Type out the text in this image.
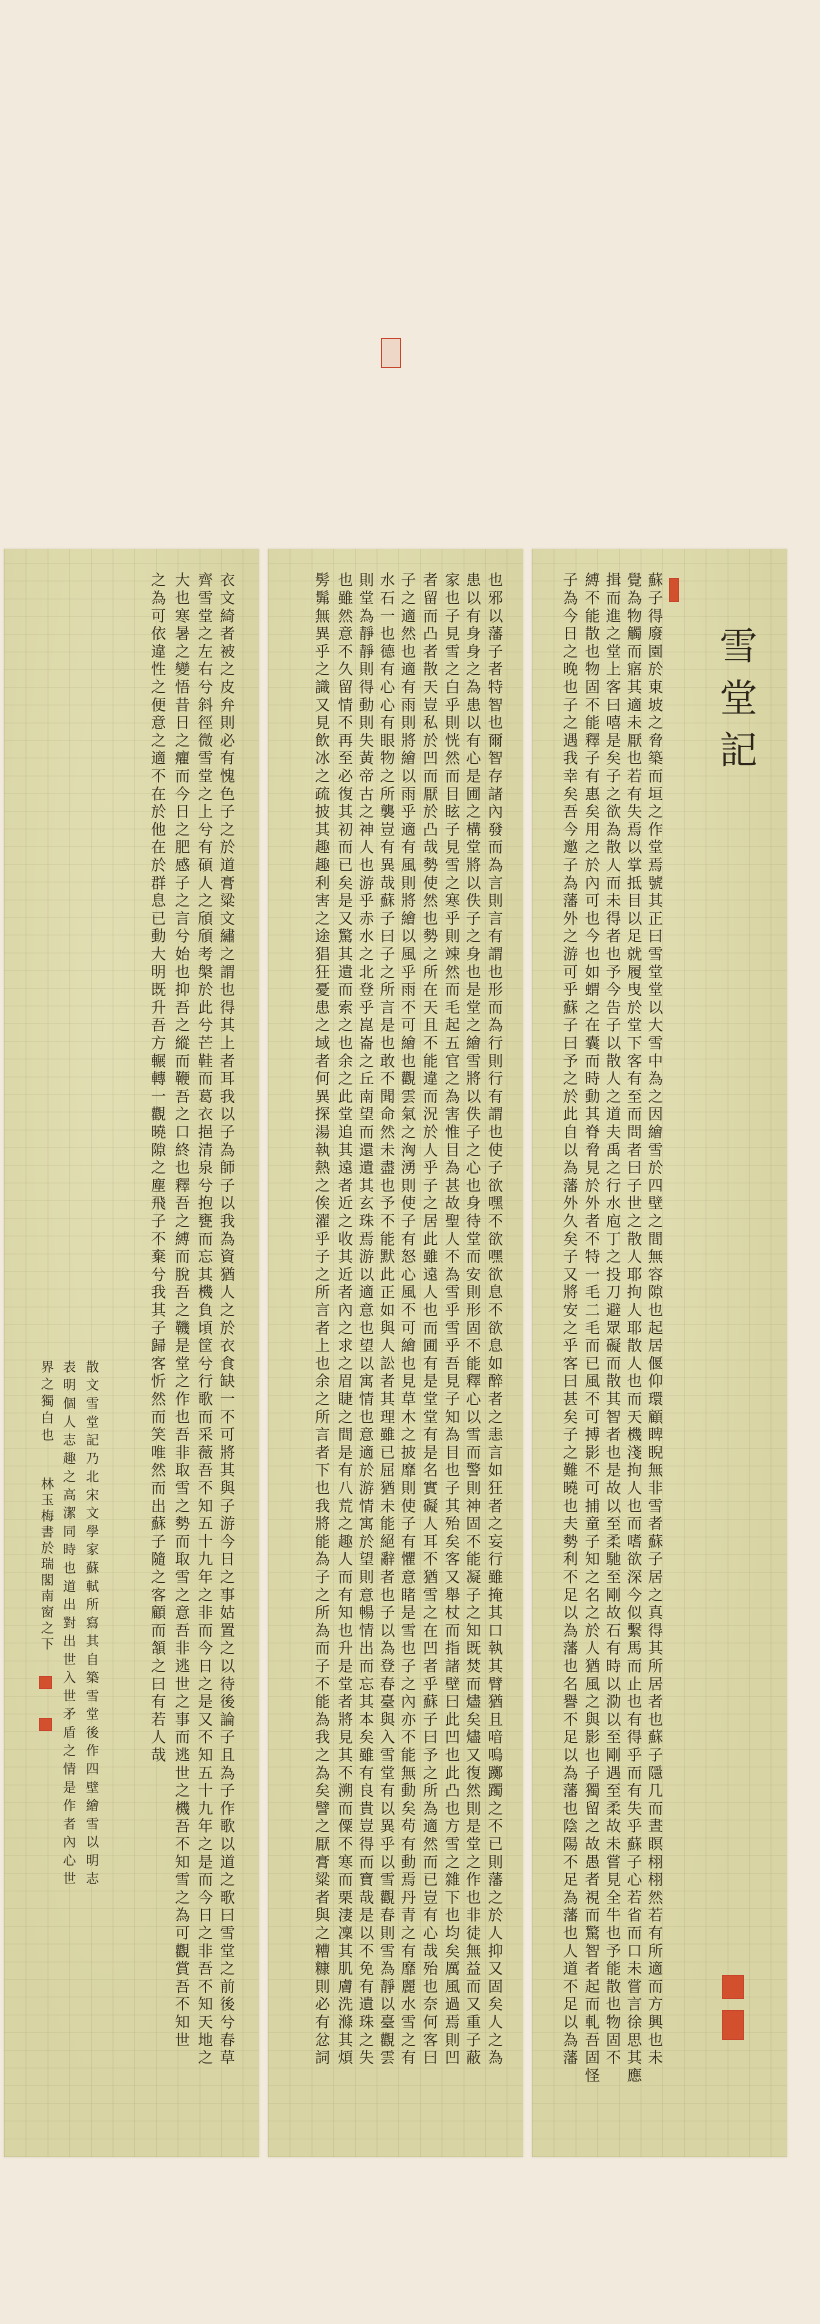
雪堂記
蘇子得廢園於東坡之脅築而垣之作堂焉號其正曰雪堂堂以大雪中為之因繪雪於四壁之間無容隙也起居偃仰環顧睥睨無非雪者蘇子居之真得其所居者也蘇子隱几而晝瞑栩栩然若有所適而方興也未
覺為物觸而寤其適未厭也若有失焉以掌抵目以足就履曳於堂下客有至而問者曰子世之散人耶拘人耶散人也而天機淺拘人也而嗜欲深今似繫馬而止也有得乎而有失乎蘇子心若省而口未嘗言徐思其應
揖而進之堂上客曰嘻是矣子之欲為散人而未得者也予今告子以散人之道夫禹之行水庖丁之投刀避眾礙而散其智者也是故以至柔馳至剛故石有時以泐以至剛遇至柔故未嘗見全牛也予能散也物固不
縛不能散也物固不能釋子有惠矣用之於內可也今也如蝟之在囊而時動其脊脅見於外者不特一毛二毛而已風不可搏影不可捕童子知之名之於人猶風之與影也子獨留之故愚者視而驚智者起而軋吾固怪
子為今日之晚也子之遇我幸矣吾今邀子為藩外之游可乎蘇子曰予之於此自以為藩外久矣子又將安之乎客曰甚矣子之難曉也夫勢利不足以為藩也名譽不足以為藩也陰陽不足為藩也人道不足以為藩
也邪以藩子者特智也爾智存諸內發而為言則言有謂也形而為行則行有謂也使子欲嘿不欲嘿欲息不欲息如醉者之恚言如狂者之妄行雖掩其口執其臂猶且喑嗚躑躅之不已則藩之於人抑又固矣人之為
患以有身身之為患以有心是圃之構堂將以佚子之身也是堂之繪雪將以佚子之心也身待堂而安則形固不能釋心以雪而警則神固不能凝子之知既焚而燼矣燼又復然則是堂之作也非徒無益而又重子蔽
家也子見雪之白乎則恍然而目眩子見雪之寒乎則竦然而毛起五官之為害惟目為甚故聖人不為雪乎雪乎吾見子知為目也子其殆矣客又舉杖而指諸壁曰此凹也此凸也方雪之雜下也均矣厲風過焉則凹
者留而凸者散天豈私於凹而厭於凸哉勢使然也勢之所在天且不能違而況於人乎子之居此雖遠人也而圃有是堂堂有是名實礙人耳不猶雪之在凹者乎蘇子曰予之所為適然而已豈有心哉殆也奈何客曰
子之適然也適有雨則將繪以雨乎適有風則將繪以風乎雨不可繪也觀雲氣之洶湧則使子有怒心風不可繪也見草木之披靡則使子有懼意睹是雪也子之內亦不能無動矣苟有動焉丹青之有靡麗水雪之有
水石一也德有心心有眼物之所襲豈有異哉蘇子曰子之所言是也敢不聞命然未盡也予不能默此正如與人訟者其理雖已屈猶未能絕辭者也子以為登春臺與入雪堂有以異乎以雪觀春則雪為靜以臺觀雲
則堂為靜靜則得動則失黃帝古之神人也游乎赤水之北登乎崑崙之丘南望而還遺其玄珠焉游以適意也望以寓情也意適於游情寓於望則意暢情出而忘其本矣雖有良貴豈得而寶哉是以不免有遺珠之失
也雖然意不久留情不再至必復其初而已矣是又驚其遺而索之也余之此堂追其遠者近之收其近者內之求之眉睫之間是有八荒之趣人而有知也升是堂者將見其不溯而僳不寒而栗淒凜其肌膚洗滌其煩
髣髴無異乎之識又見飲冰之疏披其趣趣利害之途猖狂憂患之域者何異探湯執熱之俟濯乎子之所言者上也余之所言者下也我將能為子之所為而子不能為我之為矣譬之厭膏粱者與之糟糠則必有忿詞
衣文綺者被之皮弁則必有愧色子之於道膏粱文繡之謂也得其上者耳我以子為師子以我為資猶人之於衣食缺一不可將其與子游今日之事姑置之以待後論子且為子作歌以道之歌曰雪堂之前後兮春草
齊雪堂之左右兮斜徑微雪堂之上兮有碩人之頎頎考槃於此兮芒鞋而葛衣挹清泉兮抱甕而忘其機負頃筐兮行歌而采薇吾不知五十九年之非而今日之是又不知五十九年之是而今日之非吾不知天地之
大也寒暑之變悟昔日之癯而今日之肥感子之言兮始也抑吾之縱而鞭吾之口終也釋吾之縛而脫吾之鞿是堂之作也吾非取雪之勢而取雪之意吾非逃世之事而逃世之機吾不知雪之為可觀賞吾不知世
之為可依違性之便意之適不在於他在於群息已動大明既升吾方輾轉一觀曉隙之塵飛子不棄兮我其子歸客忻然而笑唯然而出蘇子隨之客顧而頷之曰有若人哉
散文雪堂記乃北宋文學家蘇軾所寫其自築雪堂後作四壁繪雪以明志
表明個人志趣之高潔同時也道出對出世入世矛盾之情是作者內心世
界之獨白也
林玉梅書於瑞閣南窗之下
